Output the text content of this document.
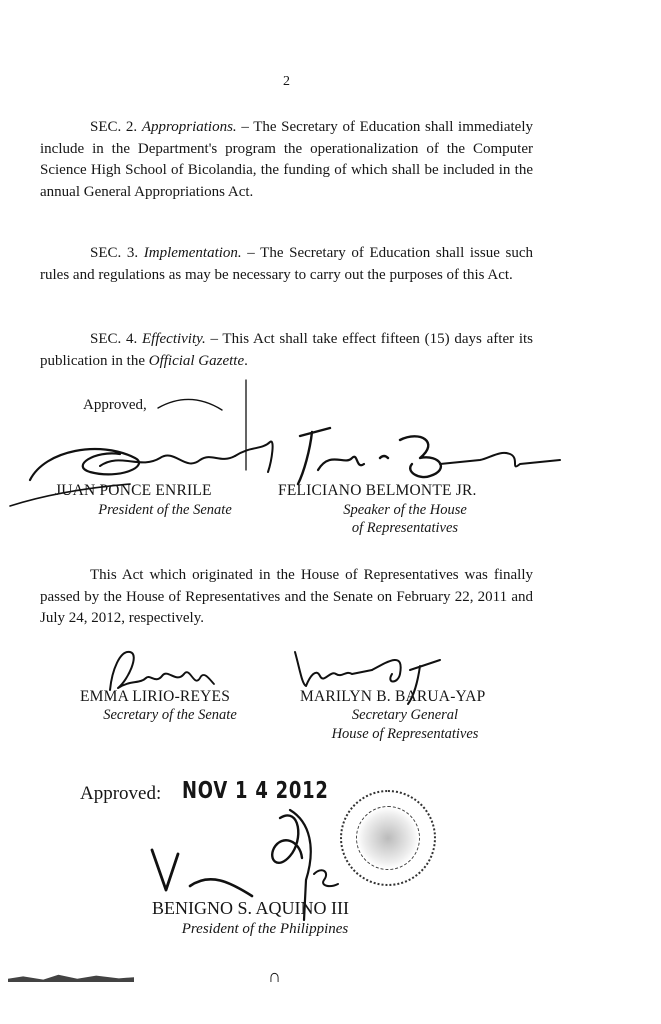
2

SEC. 2. Appropriations. – The Secretary of Education shall immediately include in the Department's program the operationalization of the Computer Science High School of Bicolandia, the funding of which shall be included in the annual General Appropriations Act.

SEC. 3. Implementation. – The Secretary of Education shall issue such rules and regulations as may be necessary to carry out the purposes of this Act.

SEC. 4. Effectivity. – This Act shall take effect fifteen (15) days after its publication in the Official Gazette.

Approved,
JUAN PONCE ENRILE
President of the Senate
FELICIANO BELMONTE JR.
Speaker of the House
of Representatives

This Act which originated in the House of Representatives was finally passed by the House of Representatives and the Senate on February 22, 2011 and July 24, 2012, respectively.

EMMA LIRIO-REYES
Secretary of the Senate
MARILYN B. BARUA-YAP
Secretary General
House of Representatives
Approved: NOV 1 4 2012
BENIGNO S. AQUINO III
President of the Philippines
∩
